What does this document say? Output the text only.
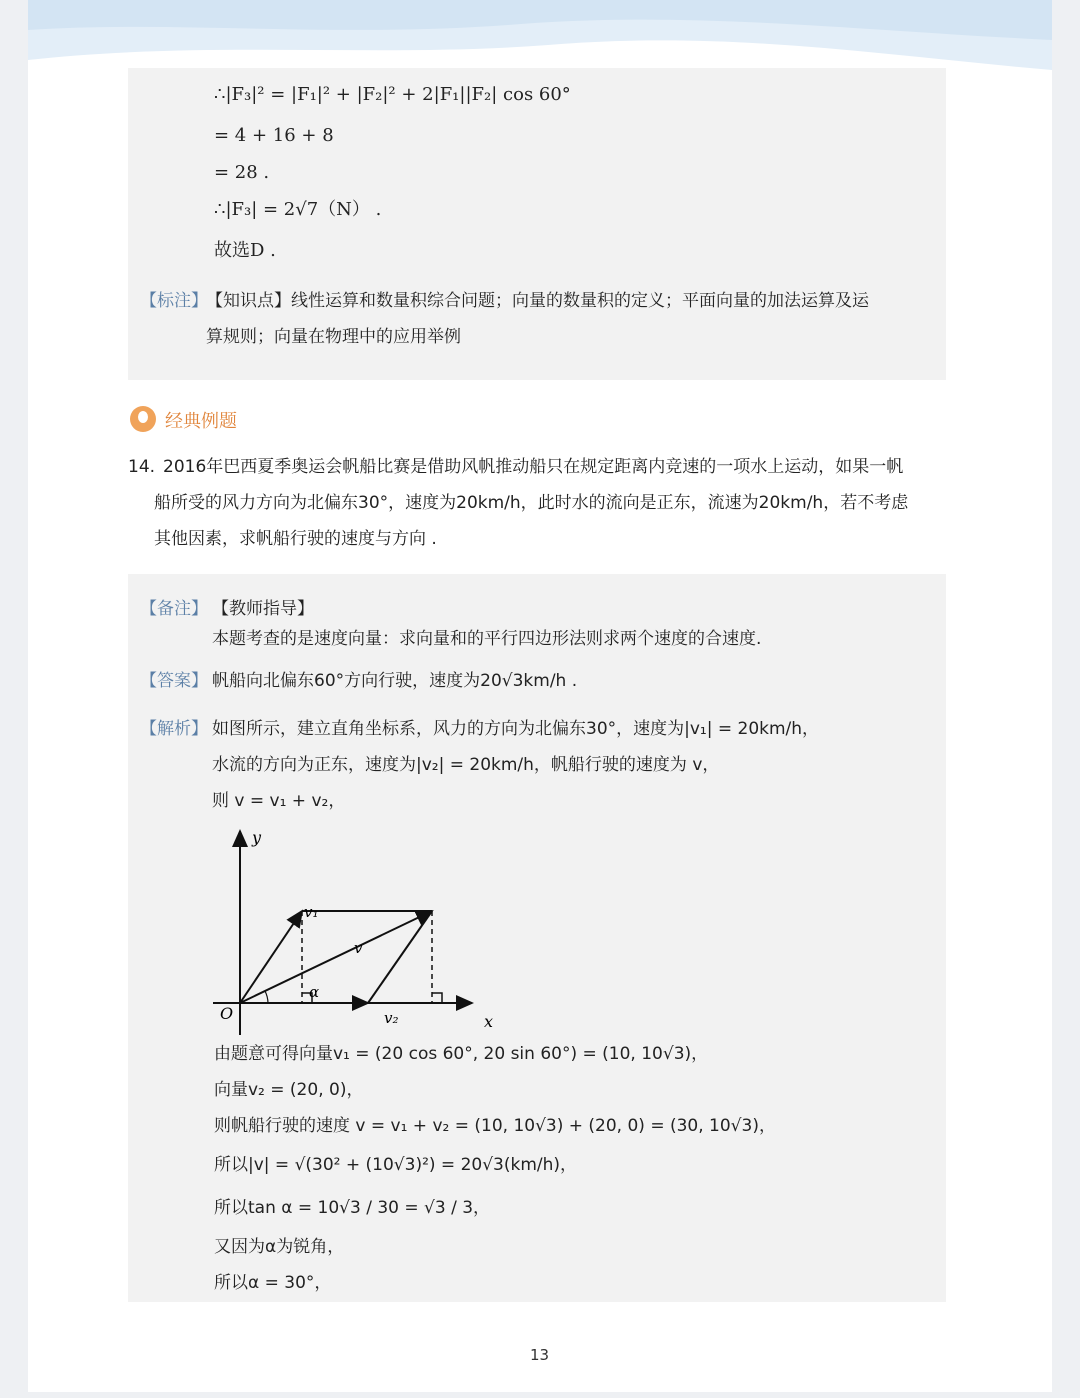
∴|F₃|² = |F₁|² + |F₂|² + 2|F₁||F₂| cos 60°
= 4 + 16 + 8
= 28 .
∴|F₃| = 2√7（N） .
故选D .
【标注】
【知识点】线性运算和数量积综合问题；向量的数量积的定义；平面向量的加法运算及运
算规则；向量在物理中的应用举例
经典例题
14. 2016年巴西夏季奥运会帆船比赛是借助风帆推动船只在规定距离内竞速的一项水上运动，如果一帆
船所受的风力方向为北偏东30°，速度为20km/h，此时水的流向是正东，流速为20km/h，若不考虑
其他因素，求帆船行驶的速度与方向 .
【备注】 【教师指导】
本题考查的是速度向量：求向量和的平行四边形法则求两个速度的合速度.
【答案】 帆船向北偏东60°方向行驶，速度为20√3km/h .
【解析】 如图所示，建立直角坐标系，风力的方向为北偏东30°，速度为|v₁| = 20km/h，
水流的方向为正东，速度为|v₂| = 20km/h，帆船行驶的速度为 v，
则 v = v₁ + v₂，
y
x
O
v₁
v
v₂
α
由题意可得向量v₁ = (20 cos 60°, 20 sin 60°) = (10, 10√3)，
向量v₂ = (20, 0)，
则帆船行驶的速度 v = v₁ + v₂ = (10, 10√3) + (20, 0) = (30, 10√3)，
所以|v| = √(30² + (10√3)²) = 20√3(km/h)，
所以tan α = 10√3 / 30 = √3 / 3，
又因为α为锐角，
所以α = 30°，
13
